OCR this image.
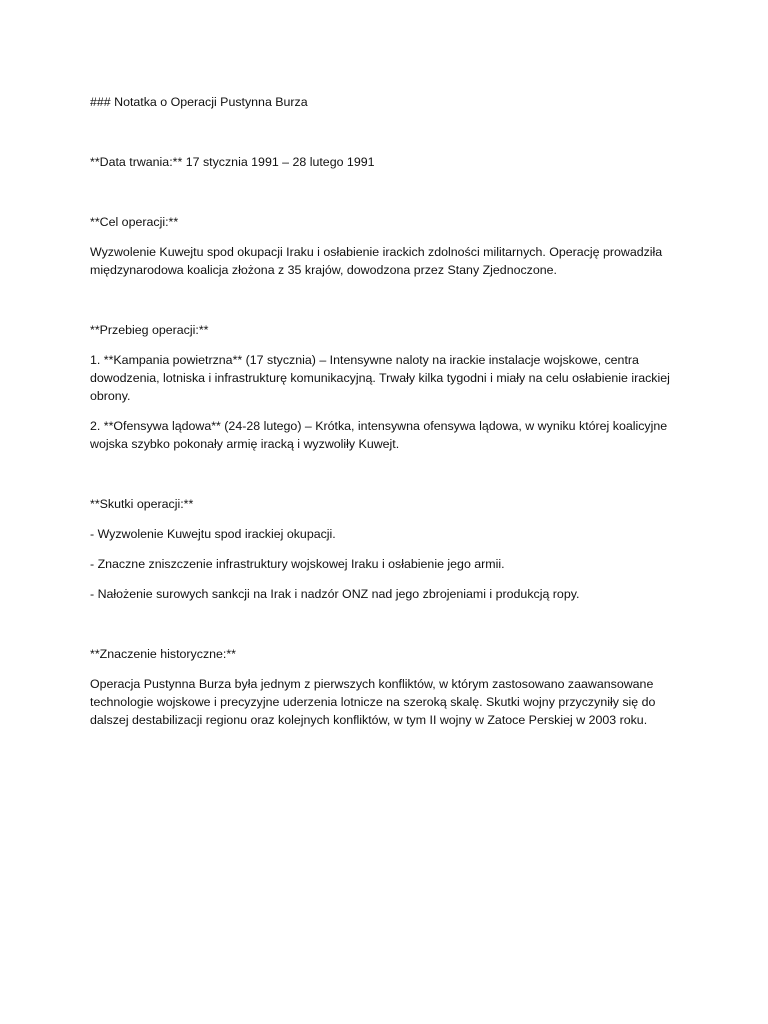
### Notatka o Operacji Pustynna Burza

**Data trwania:** 17 stycznia 1991 – 28 lutego 1991

**Cel operacji:**

Wyzwolenie Kuwejtu spod okupacji Iraku i osłabienie irackich zdolności militarnych. Operację prowadziła międzynarodowa koalicja złożona z 35 krajów, dowodzona przez Stany Zjednoczone.

**Przebieg operacji:**

1. **Kampania powietrzna** (17 stycznia) – Intensywne naloty na irackie instalacje wojskowe, centra dowodzenia, lotniska i infrastrukturę komunikacyjną. Trwały kilka tygodni i miały na celu osłabienie irackiej obrony.

2. **Ofensywa lądowa** (24-28 lutego) – Krótka, intensywna ofensywa lądowa, w wyniku której koalicyjne wojska szybko pokonały armię iracką i wyzwoliły Kuwejt.

**Skutki operacji:**

- Wyzwolenie Kuwejtu spod irackiej okupacji.

- Znaczne zniszczenie infrastruktury wojskowej Iraku i osłabienie jego armii.

- Nałożenie surowych sankcji na Irak i nadzór ONZ nad jego zbrojeniami i produkcją ropy.

**Znaczenie historyczne:**

Operacja Pustynna Burza była jednym z pierwszych konfliktów, w którym zastosowano zaawansowane technologie wojskowe i precyzyjne uderzenia lotnicze na szeroką skalę. Skutki wojny przyczyniły się do dalszej destabilizacji regionu oraz kolejnych konfliktów, w tym II wojny w Zatoce Perskiej w 2003 roku.
